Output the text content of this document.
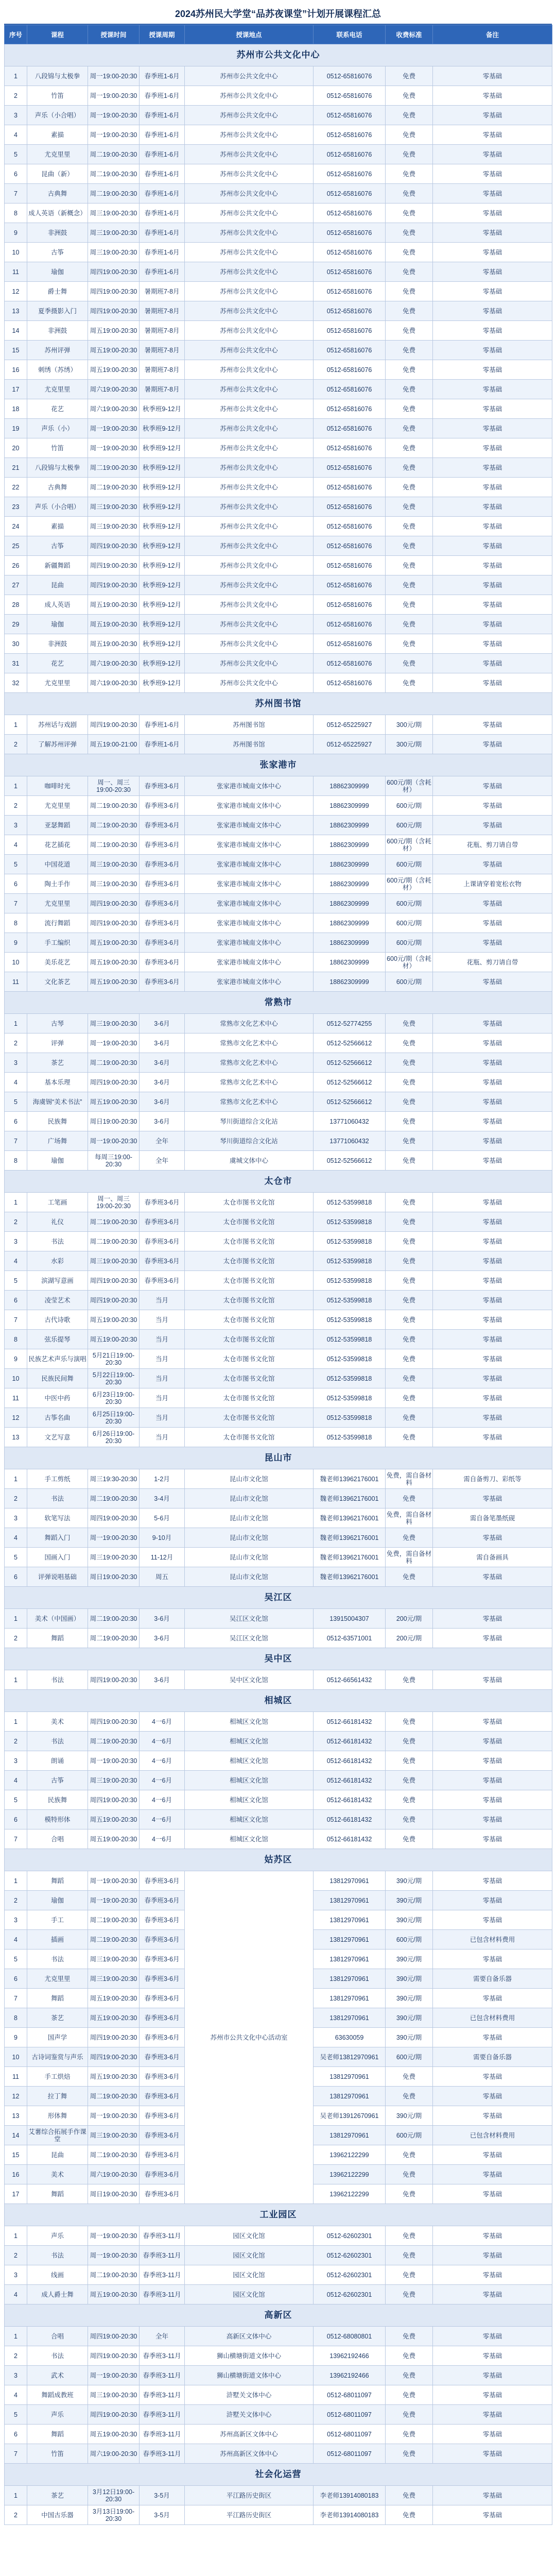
2024苏州民大学堂“品苏夜课堂”计划开展课程汇总
序号	课程	授课时间	授课周期	授课地点	联系电话	收费标准	备注
苏州市公共文化中心							
1	八段锦与太极拳	周一19:00-20:30	春季班1-6月	苏州市公共文化中心	0512-65816076	免费	零基础
2	竹笛	周一19:00-20:30	春季班1-6月	苏州市公共文化中心	0512-65816076	免费	零基础
3	声乐（小合唱）	周一19:00-20:30	春季班1-6月	苏州市公共文化中心	0512-65816076	免费	零基础
4	素描	周一19:00-20:30	春季班1-6月	苏州市公共文化中心	0512-65816076	免费	零基础
5	尤克里里	周二19:00-20:30	春季班1-6月	苏州市公共文化中心	0512-65816076	免费	零基础
6	昆曲（新）	周二19:00-20:30	春季班1-6月	苏州市公共文化中心	0512-65816076	免费	零基础
7	古典舞	周二19:00-20:30	春季班1-6月	苏州市公共文化中心	0512-65816076	免费	零基础
8	成人英语（新概念）	周三19:00-20:30	春季班1-6月	苏州市公共文化中心	0512-65816076	免费	零基础
9	非洲鼓	周三19:00-20:30	春季班1-6月	苏州市公共文化中心	0512-65816076	免费	零基础
10	古筝	周三19:00-20:30	春季班1-6月	苏州市公共文化中心	0512-65816076	免费	零基础
11	瑜伽	周四19:00-20:30	春季班1-6月	苏州市公共文化中心	0512-65816076	免费	零基础
12	爵士舞	周四19:00-20:30	暑期班7-8月	苏州市公共文化中心	0512-65816076	免费	零基础
13	夏季摄影入门	周四19:00-20:30	暑期班7-8月	苏州市公共文化中心	0512-65816076	免费	零基础
14	非洲鼓	周五19:00-20:30	暑期班7-8月	苏州市公共文化中心	0512-65816076	免费	零基础
15	苏州评弹	周五19:00-20:30	暑期班7-8月	苏州市公共文化中心	0512-65816076	免费	零基础
16	刺绣（苏绣）	周五19:00-20:30	暑期班7-8月	苏州市公共文化中心	0512-65816076	免费	零基础
17	尤克里里	周六19:00-20:30	暑期班7-8月	苏州市公共文化中心	0512-65816076	免费	零基础
18	花艺	周六19:00-20:30	秋季班9-12月	苏州市公共文化中心	0512-65816076	免费	零基础
19	声乐（小）	周一19:00-20:30	秋季班9-12月	苏州市公共文化中心	0512-65816076	免费	零基础
20	竹笛	周一19:00-20:30	秋季班9-12月	苏州市公共文化中心	0512-65816076	免费	零基础
21	八段锦与太极拳	周二19:00-20:30	秋季班9-12月	苏州市公共文化中心	0512-65816076	免费	零基础
22	古典舞	周二19:00-20:30	秋季班9-12月	苏州市公共文化中心	0512-65816076	免费	零基础
23	声乐（小合唱）	周三19:00-20:30	秋季班9-12月	苏州市公共文化中心	0512-65816076	免费	零基础
24	素描	周三19:00-20:30	秋季班9-12月	苏州市公共文化中心	0512-65816076	免费	零基础
25	古筝	周四19:00-20:30	秋季班9-12月	苏州市公共文化中心	0512-65816076	免费	零基础
26	新疆舞蹈	周四19:00-20:30	秋季班9-12月	苏州市公共文化中心	0512-65816076	免费	零基础
27	昆曲	周四19:00-20:30	秋季班9-12月	苏州市公共文化中心	0512-65816076	免费	零基础
28	成人英语	周五19:00-20:30	秋季班9-12月	苏州市公共文化中心	0512-65816076	免费	零基础
29	瑜伽	周五19:00-20:30	秋季班9-12月	苏州市公共文化中心	0512-65816076	免费	零基础
30	非洲鼓	周五19:00-20:30	秋季班9-12月	苏州市公共文化中心	0512-65816076	免费	零基础
31	花艺	周六19:00-20:30	秋季班9-12月	苏州市公共文化中心	0512-65816076	免费	零基础
32	尤克里里	周六19:00-20:30	秋季班9-12月	苏州市公共文化中心	0512-65816076	免费	零基础
苏州图书馆							
1	苏州话与戏剧	周四19:00-20:30	春季班1-6月	苏州图书馆	0512-65225927	300元/期	零基础
2	了解苏州评弹	周五19:00-21:00	春季班1-6月	苏州图书馆	0512-65225927	300元/期	零基础
张家港市							
1	咖啡时光	周一、周三19:00-20:30	春季班3-6月	张家港市城南文体中心	18862309999	600元/期（含耗材）	零基础
2	尤克里里	周二19:00-20:30	春季班3-6月	张家港市城南文体中心	18862309999	600元/期	零基础
3	亚瑟舞蹈	周二19:00-20:30	春季班3-6月	张家港市城南文体中心	18862309999	600元/期	零基础
4	花艺插花	周二19:00-20:30	春季班3-6月	张家港市城南文体中心	18862309999	600元/期（含耗材）	花瓶、剪刀请自带
5	中国花道	周三19:00-20:30	春季班3-6月	张家港市城南文体中心	18862309999	600元/期	零基础
6	陶土手作	周三19:00-20:30	春季班3-6月	张家港市城南文体中心	18862309999	600元/期（含耗材）	上课请穿着宽松衣物
7	尤克里里	周四19:00-20:30	春季班3-6月	张家港市城南文体中心	18862309999	600元/期	零基础
8	流行舞蹈	周四19:00-20:30	春季班3-6月	张家港市城南文体中心	18862309999	600元/期	零基础
9	手工编织	周五19:00-20:30	春季班3-6月	张家港市城南文体中心	18862309999	600元/期	零基础
10	美乐花艺	周五19:00-20:30	春季班3-6月	张家港市城南文体中心	18862309999	600元/期（含耗材）	花瓶、剪刀请自带
11	文化茶艺	周五19:00-20:30	春季班3-6月	张家港市城南文体中心	18862309999	600元/期	零基础
常熟市							
1	古琴	周三19:00-20:30	3-6月	常熟市文化艺术中心	0512-52774255	免费	零基础
2	评弹	周一19:00-20:30	3-6月	常熟市文化艺术中心	0512-52566612	免费	零基础
3	茶艺	周二19:00-20:30	3-6月	常熟市文化艺术中心	0512-52566612	免费	零基础
4	基本乐理	周四19:00-20:30	3-6月	常熟市文化艺术中心	0512-52566612	免费	零基础
5	海虞锡“美术书法”	周五19:00-20:30	3-6月	常熟市文化艺术中心	0512-52566612	免费	零基础
6	民族舞	周日19:00-20:30	3-6月	琴川街道综合文化站	13771060432	免费	零基础
7	广场舞	周一19:00-20:30	全年	琴川街道综合文化站	13771060432	免费	零基础
8	瑜伽	每周三19:00-20:30	全年	虞城文体中心	0512-52566612	免费	零基础
太仓市							
1	工笔画	周一、周三19:00-20:30	春季班3-6月	太仓市图书文化馆	0512-53599818	免费	零基础
2	礼仪	周二19:00-20:30	春季班3-6月	太仓市图书文化馆	0512-53599818	免费	零基础
3	书法	周二19:00-20:30	春季班3-6月	太仓市图书文化馆	0512-53599818	免费	零基础
4	水彩	周三19:00-20:30	春季班3-6月	太仓市图书文化馆	0512-53599818	免费	零基础
5	滨湖写意画	周四19:00-20:30	春季班3-6月	太仓市图书文化馆	0512-53599818	免费	零基础
6	凌莹艺术	周四19:00-20:30	当月	太仓市图书文化馆	0512-53599818	免费	零基础
7	古代诗歌	周五19:00-20:30	当月	太仓市图书文化馆	0512-53599818	免费	零基础
8	弦乐提琴	周五19:00-20:30	当月	太仓市图书文化馆	0512-53599818	免费	零基础
9	民族艺术声乐与演唱	5月21日19:00-20:30	当月	太仓市图书文化馆	0512-53599818	免费	零基础
10	民族民间舞	5月22日19:00-20:30	当月	太仓市图书文化馆	0512-53599818	免费	零基础
11	中医中药	6月23日19:00-20:30	当月	太仓市图书文化馆	0512-53599818	免费	零基础
12	古筝名曲	6月25日19:00-20:30	当月	太仓市图书文化馆	0512-53599818	免费	零基础
13	文艺写意	6月26日19:00-20:30	当月	太仓市图书文化馆	0512-53599818	免费	零基础
昆山市							
1	手工剪纸	周三19:30-20:30	1-2月	昆山市文化馆	魏老师13962176001	免费，需自备材料	需自备剪刀、彩纸等
2	书法	周二19:00-20:30	3-4月	昆山市文化馆	魏老师13962176001	免费	零基础
3	软笔写法	周四19:00-20:30	5-6月	昆山市文化馆	魏老师13962176001	免费，需自备材料	需自备笔墨纸砚
4	舞蹈入门	周一19:00-20:30	9-10月	昆山市文化馆	魏老师13962176001	免费	零基础
5	国画入门	周三19:00-20:30	11-12月	昆山市文化馆	魏老师13962176001	免费，需自备材料	需自备画具
6	评弹说唱基础	周日19:00-20:30	周五	昆山市文化馆	魏老师13962176001	免费	零基础
吴江区							
1	美术（中国画）	周二19:00-20:30	3-6月	吴江区文化馆	13915004307	200元/期	零基础
2	舞蹈	周二19:00-20:30	3-6月	吴江区文化馆	0512-63571001	200元/期	零基础
吴中区							
1	书法	周四19:00-20:30	3-6月	吴中区文化馆	0512-66561432	免费	零基础
相城区							
1	美术	周四19:00-20:30	4一6月	相城区文化馆	0512-66181432	免费	零基础
2	书法	周二19:00-20:30	4一6月	相城区文化馆	0512-66181432	免费	零基础
3	朗诵	周一19:00-20:30	4一6月	相城区文化馆	0512-66181432	免费	零基础
4	古筝	周三19:00-20:30	4一6月	相城区文化馆	0512-66181432	免费	零基础
5	民族舞	周四19:00-20:30	4一6月	相城区文化馆	0512-66181432	免费	零基础
6	模特形体	周五19:00-20:30	4一6月	相城区文化馆	0512-66181432	免费	零基础
7	合唱	周五19:00-20:30	4一6月	相城区文化馆	0512-66181432	免费	零基础
姑苏区							
1	舞蹈	周一19:00-20:30	春季班3-6月	苏州市公共文化中心活动室	13812970961	390元/期	零基础
2	瑜伽	周一19:00-20:30	春季班3-6月		13812970961	390元/期	零基础
3	手工	周二19:00-20:30	春季班3-6月		13812970961	390元/期	零基础
4	插画	周二19:00-20:30	春季班3-6月		13812970961	600元/期	已包含材料费用
5	书法	周三19:00-20:30	春季班3-6月		13812970961	390元/期	零基础
6	尤克里里	周三19:00-20:30	春季班3-6月		13812970961	390元/期	需要自备乐器
7	舞蹈	周五19:00-20:30	春季班3-6月		13812970961	390元/期	零基础
8	茶艺	周五19:00-20:30	春季班3-6月		13812970961	390元/期	已包含材料费用
9	国声学	周四19:00-20:30	春季班3-6月		63630059	390元/期	零基础
10	古诗词鉴赏与声乐	周四19:00-20:30	春季班3-6月		吴老师13812970961	600元/期	需要自备乐器
11	手工烘焙	周五19:00-20:30	春季班3-6月		13812970961	免费	零基础
12	拉丁舞	周二19:00-20:30	春季班3-6月		13812970961	免费	零基础
13	形体舞	周一19:00-20:30	春季班3-6月		吴老师13912670961	390元/期	零基础
14	艾薯综合拓展手作课堂	周三19:00-20:30	春季班3-6月		13812970961	600元/期	已包含材料费用
15	昆曲	周二19:00-20:30	春季班3-6月		13962122299	免费	零基础
16	美术	周六19:00-20:30	春季班3-6月		13962122299	免费	零基础
17	舞蹈	周日19:00-20:30	春季班3-6月		13962122299	免费	零基础
工业园区							
1	声乐	周一19:00-20:30	春季班3-11月	园区文化馆	0512-62602301	免费	零基础
2	书法	周一19:00-20:30	春季班3-11月	园区文化馆	0512-62602301	免费	零基础
3	线画	周二19:00-20:30	春季班3-11月	园区文化馆	0512-62602301	免费	零基础
4	成人爵士舞	周五19:00-20:30	春季班3-11月	园区文化馆	0512-62602301	免费	零基础
高新区							
1	合唱	周四19:00-20:30	全年	高新区文体中心	0512-68080801	免费	零基础
2	书法	周四19:00-20:30	春季班3-11月	狮山横塘街道文体中心	13962192466	免费	零基础
3	武术	周一19:00-20:30	春季班3-11月	狮山横塘街道文体中心	13962192466	免费	零基础
4	舞蹈成教班	周三19:00-20:30	春季班3-11月	浒墅关文体中心	0512-68011097	免费	零基础
5	声乐	周四19:00-20:30	春季班3-11月	浒墅关文体中心	0512-68011097	免费	零基础
6	舞蹈	周五19:00-20:30	春季班3-11月	苏州高新区文体中心	0512-68011097	免费	零基础
7	竹笛	周六19:00-20:30	春季班3-11月	苏州高新区文体中心	0512-68011097	免费	零基础
社会化运营							
1	茶艺	3月12日19:00-20:30	3-5月	平江路历史街区	李老师13914080183	免费	零基础
2	中国古乐器	3月13日19:00-20:30	3-5月	平江路历史街区	李老师13914080183	免费	零基础
